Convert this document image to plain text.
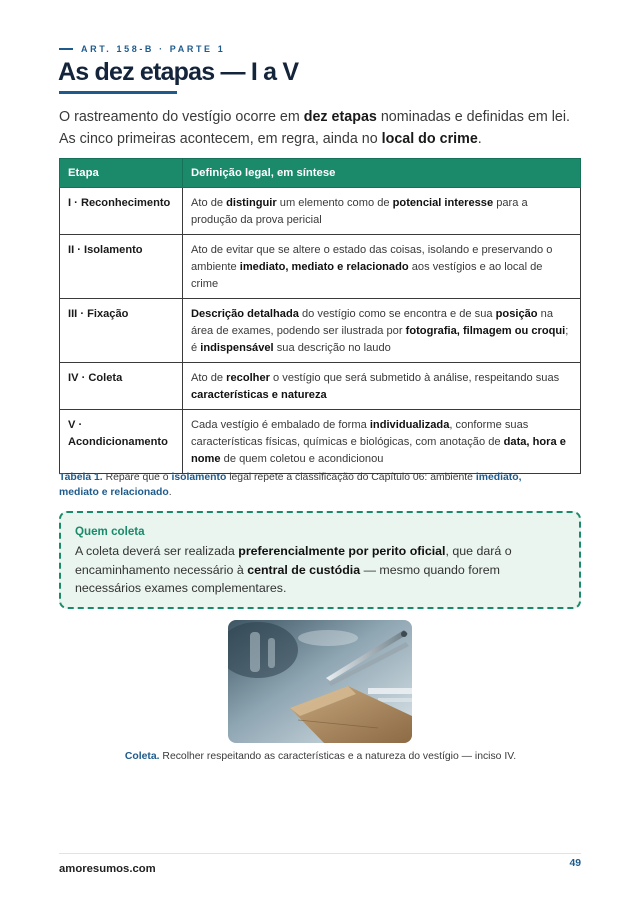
ART. 158-B · PARTE 1
As dez etapas — I a V

O rastreamento do vestígio ocorre em dez etapas nominadas e definidas em lei. As cinco primeiras acontecem, em regra, ainda no local do crime.

Etapa	Definição legal, em síntese
I · Reconhecimento	Ato de distinguir um elemento como de potencial interesse para a produção da prova pericial
II · Isolamento	Ato de evitar que se altere o estado das coisas, isolando e preservando o ambiente imediato, mediato e relacionado aos vestígios e ao local de crime
III · Fixação	Descrição detalhada do vestígio como se encontra e de sua posição na área de exames, podendo ser ilustrada por fotografia, filmagem ou croqui; é indispensável sua descrição no laudo
IV · Coleta	Ato de recolher o vestígio que será submetido à análise, respeitando suas características e natureza
V · Acondicionamento	Cada vestígio é embalado de forma individualizada, conforme suas características físicas, químicas e biológicas, com anotação de data, hora e nome de quem coletou e acondicionou

Tabela 1. Repare que o isolamento legal repete a classificação do Capítulo 06: ambiente imediato, mediato e relacionado.

Quem coleta

A coleta deverá ser realizada preferencialmente por perito oficial, que dará o encaminhamento necessário à central de custódia — mesmo quando forem necessários exames complementares.

Coleta. Recolher respeitando as características e a natureza do vestígio — inciso IV.

amoresumos.com	49
